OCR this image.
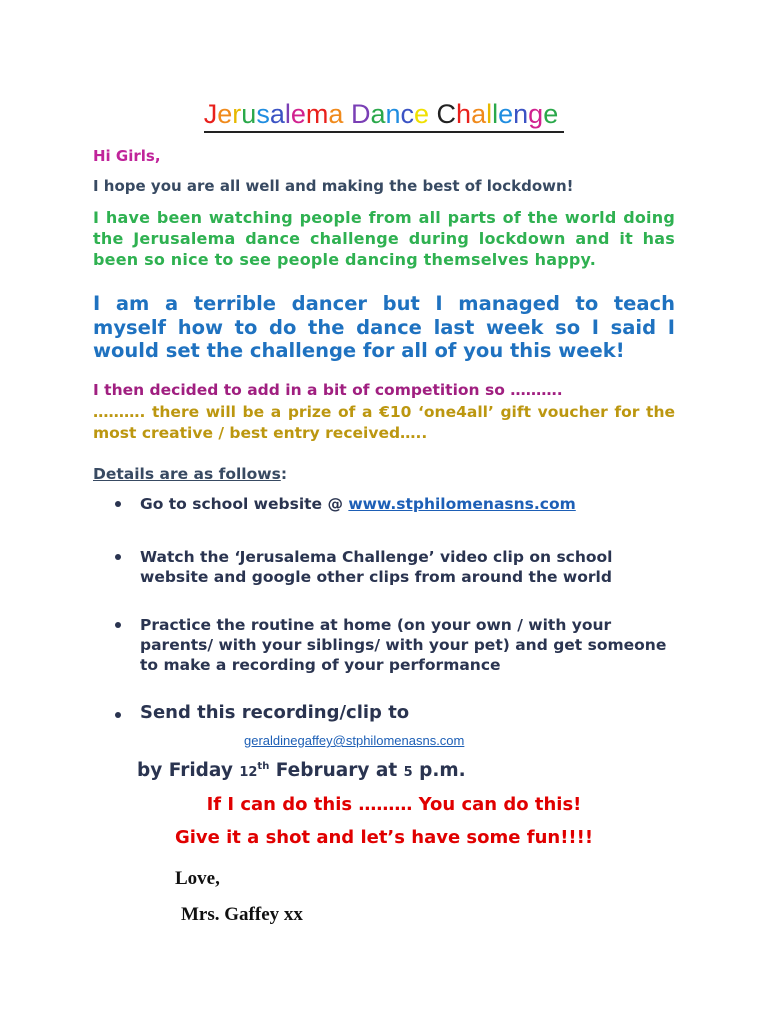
Jerusalema Dance Challenge
Hi Girls,
I hope you are all well and making the best of lockdown!
I have been watching people from all parts of the world doing the Jerusalema dance challenge during lockdown and it has been so nice to see people dancing themselves happy.
I am a terrible dancer but I managed to teach myself how to do the dance last week so I said I would set the challenge for all of you this week!
I then decided to add in a bit of competition so ……….
………. there will be a prize of a €10 ‘one4all’ gift voucher for the most creative / best entry received…..
Details are as follows:
Go to school website @ www.stphilomenasns.com
Watch the ‘Jerusalema Challenge’ video clip on school website and google other clips from around the world
Practice the routine at home (on your own / with your parents/ with your siblings/ with your pet) and get someone to make a recording of your performance
Send this recording/clip to
geraldinegaffey@stphilomenasns.com
by Friday 12th February at 5 p.m.
If I can do this ……… You can do this!
Give it a shot and let’s have some fun!!!!
Love,
Mrs. Gaffey xx
